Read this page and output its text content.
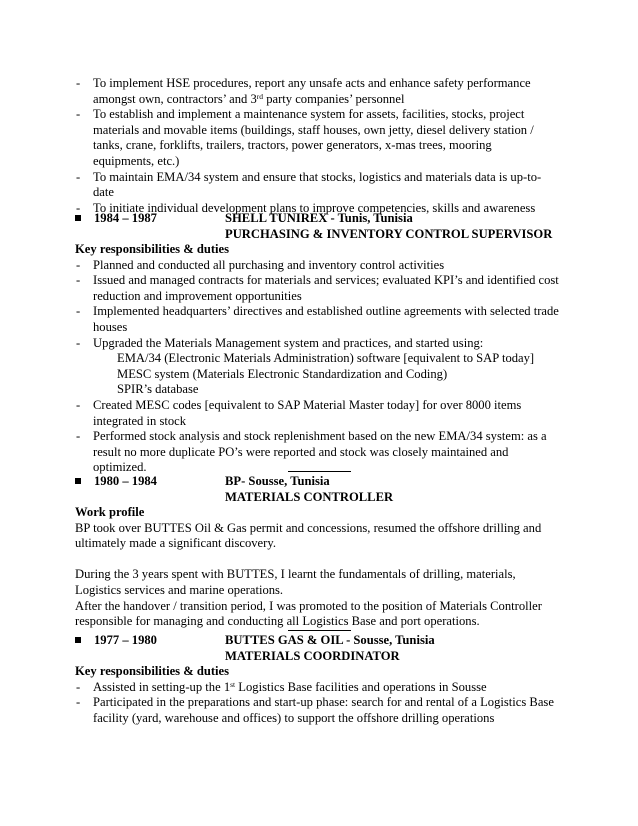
- To implement HSE procedures, report any unsafe acts and enhance safety performance amongst own, contractors’ and 3rd party companies’ personnel
- To establish and implement a maintenance system for assets, facilities, stocks, project materials and movable items (buildings, staff houses, own jetty, diesel delivery station / tanks, crane, forklifts, trailers, tractors, power generators, x-mas trees, mooring equipments, etc.)
- To maintain EMA/34 system and ensure that stocks, logistics and materials data is up-to-date
- To initiate individual development plans to improve competencies, skills and awareness
1984 – 1987	SHELL TUNIREX - Tunis, Tunisia
PURCHASING & INVENTORY CONTROL SUPERVISOR
Key responsibilities & duties
- Planned and conducted all purchasing and inventory control activities
- Issued and managed contracts for materials and services; evaluated KPI’s and identified cost reduction and improvement opportunities
- Implemented headquarters’ directives and established outline agreements with selected trade houses
- Upgraded the Materials Management system and practices, and started using:
EMA/34 (Electronic Materials Administration) software [equivalent to SAP today]
MESC system (Materials Electronic Standardization and Coding)
SPIR’s database
- Created MESC codes [equivalent to SAP Material Master today] for over 8000 items integrated in stock
- Performed stock analysis and stock replenishment based on the new EMA/34 system: as a result no more duplicate PO’s were reported and stock was closely maintained and optimized.
1980 – 1984	BP- Sousse, Tunisia
MATERIALS CONTROLLER
Work profile

BP took over BUTTES Oil & Gas permit and concessions, resumed the offshore drilling and ultimately made a significant discovery.

During the 3 years spent with BUTTES, I learnt the fundamentals of drilling, materials, Logistics services and marine operations.

After the handover / transition period, I was promoted to the position of Materials Controller responsible for managing and conducting all Logistics Base and port operations.

1977 – 1980	BUTTES GAS & OIL - Sousse, Tunisia
MATERIALS COORDINATOR
Key responsibilities & duties
- Assisted in setting-up the 1st Logistics Base facilities and operations in Sousse
- Participated in the preparations and start-up phase: search for and rental of a Logistics Base facility (yard, warehouse and offices) to support the offshore drilling operations
